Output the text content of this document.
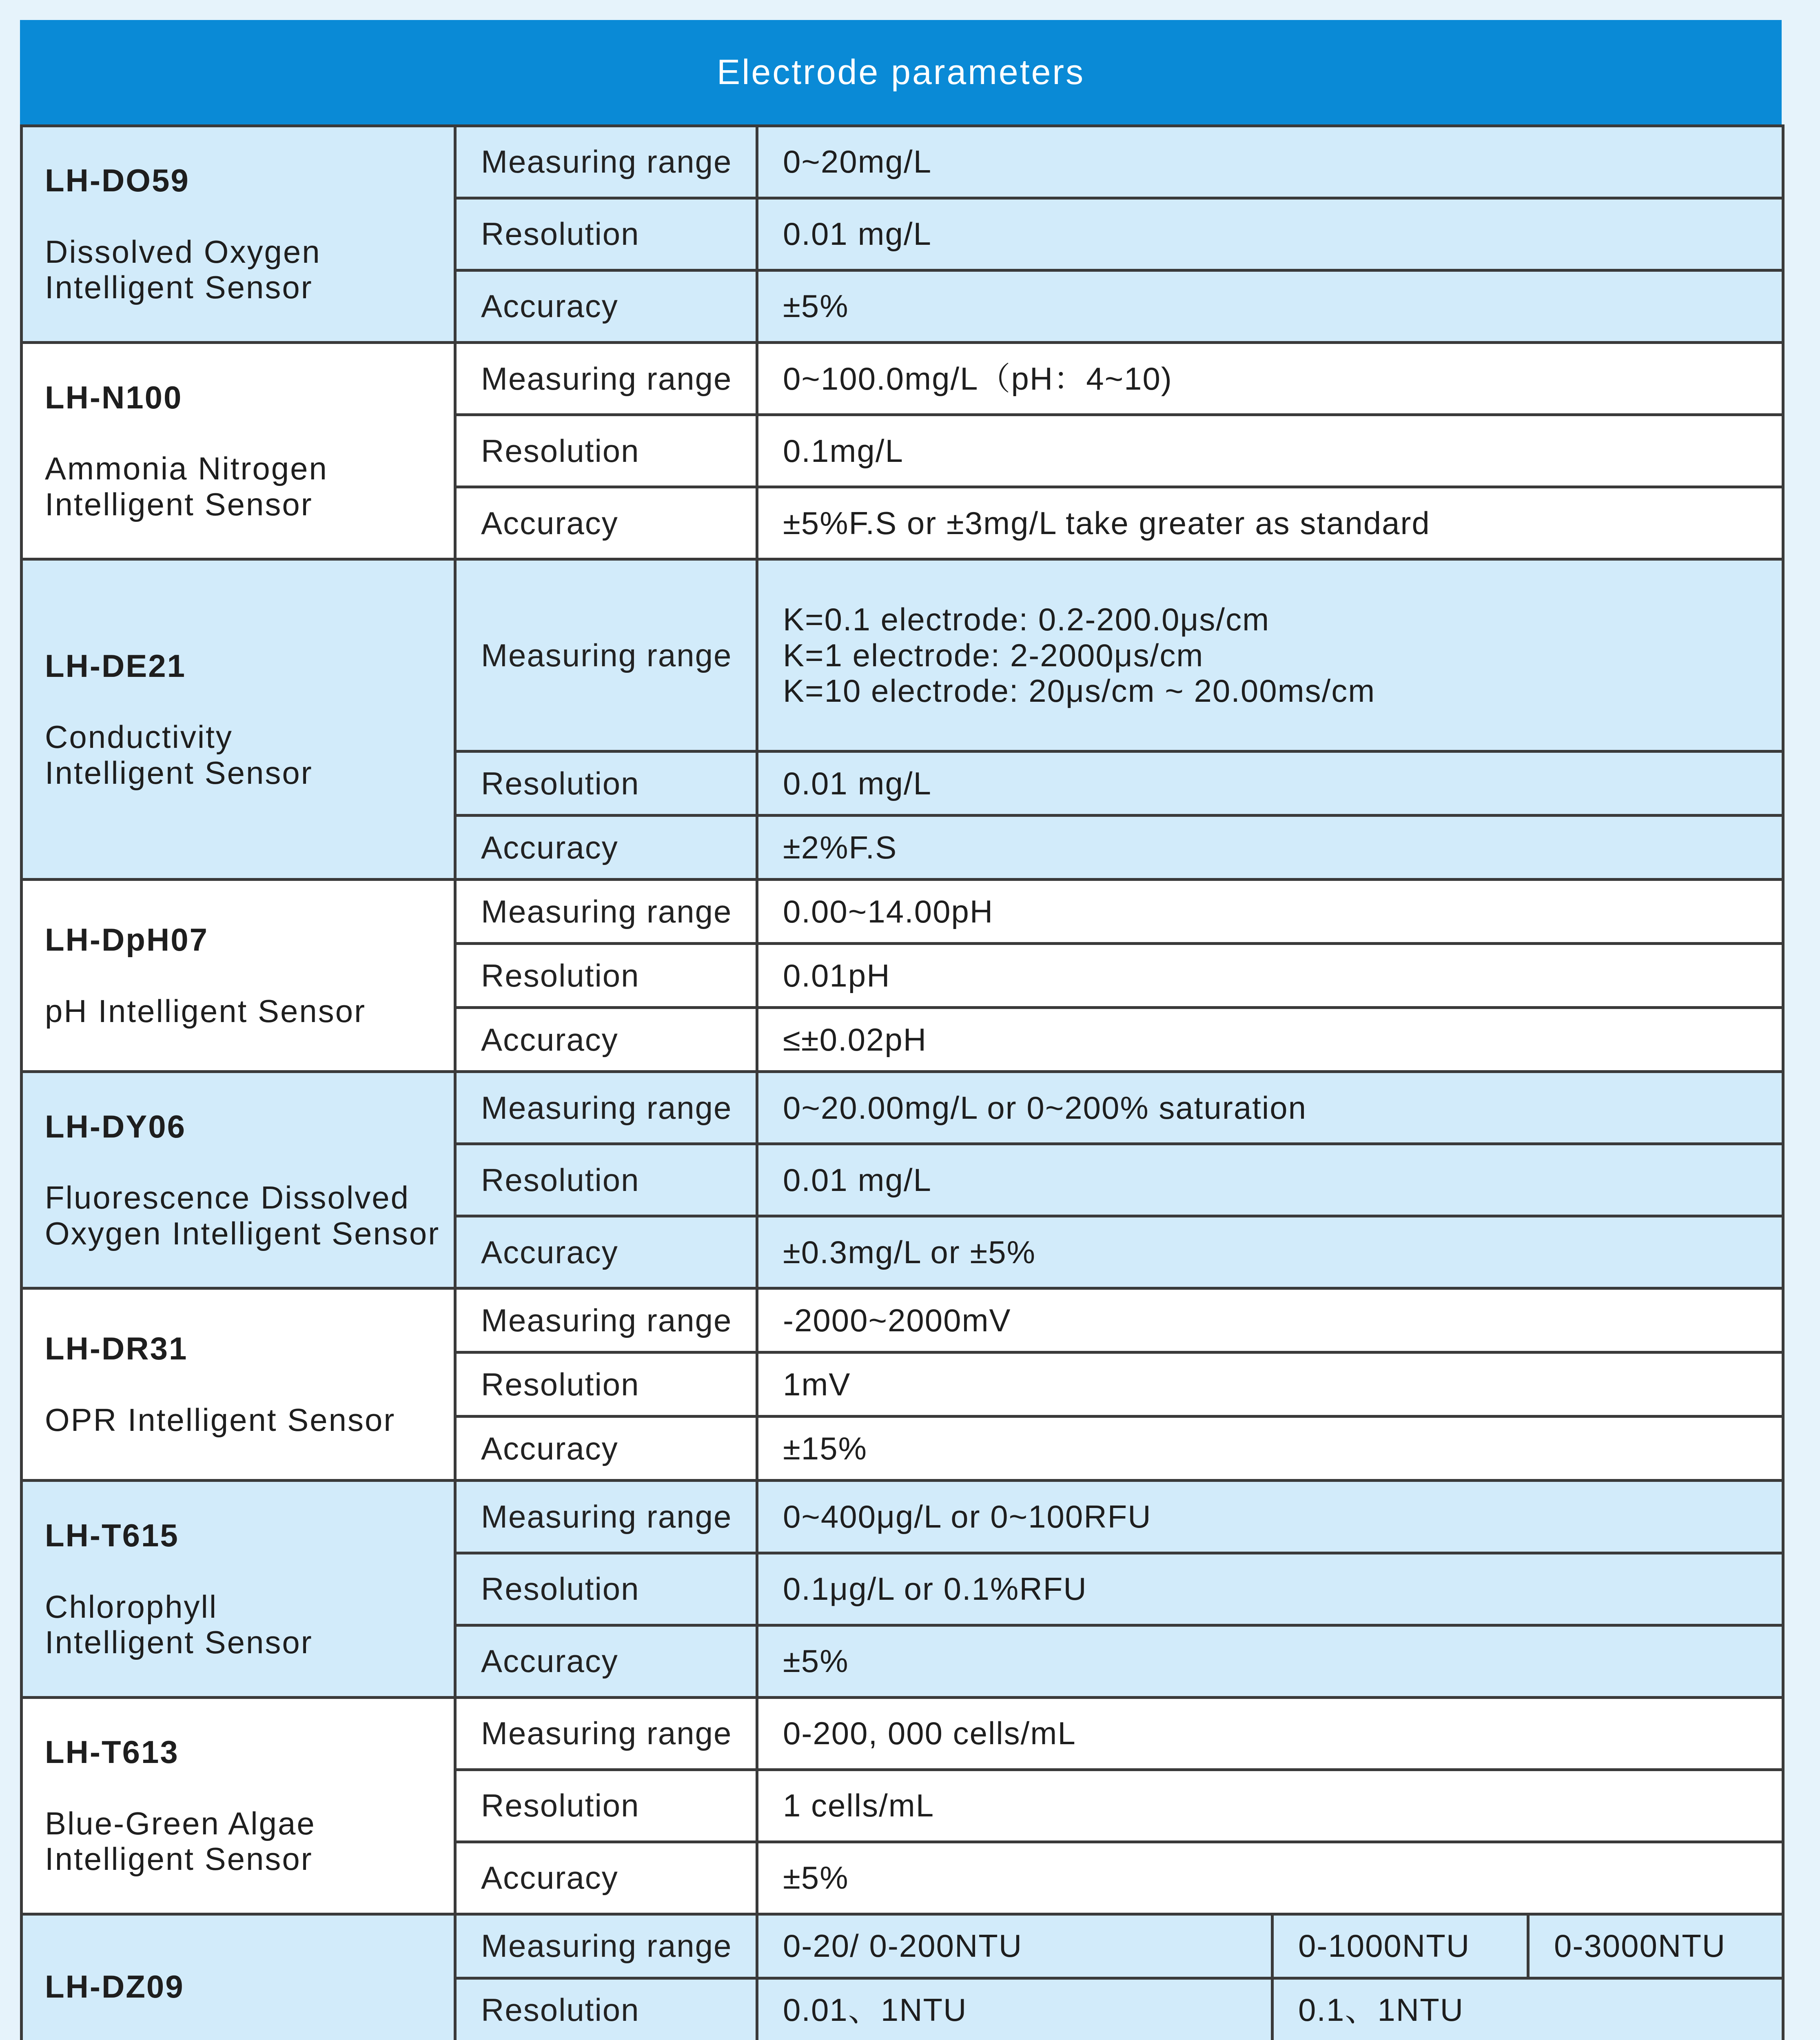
Electrode parameters

LH-DO59

Dissolved Oxygen
Intelligent Sensor	Measuring range	0~20mg/L		
	Resolution	0.01 mg/L		
	Accuracy	±5%		

LH-N100

Ammonia Nitrogen
Intelligent Sensor	Measuring range	0~100.0mg/L（pH：4~10)		
	Resolution	0.1mg/L		
	Accuracy	±5%F.S or ±3mg/L take greater as standard		

LH-DE21

Conductivity
Intelligent Sensor	Measuring range	K=0.1 electrode: 0.2-200.0μs/cm
K=1 electrode: 2-2000μs/cm
K=10 electrode: 20μs/cm ~ 20.00ms/cm		
	Resolution	0.01 mg/L		
	Accuracy	±2%F.S		

LH-DpH07

pH Intelligent Sensor	Measuring range	0.00~14.00pH		
	Resolution	0.01pH		
	Accuracy	≤±0.02pH		

LH-DY06

Fluorescence Dissolved
Oxygen Intelligent Sensor	Measuring range	0~20.00mg/L or 0~200% saturation		
	Resolution	0.01 mg/L		
	Accuracy	±0.3mg/L or ±5%		

LH-DR31

OPR Intelligent Sensor	Measuring range	-2000~2000mV		
	Resolution	1mV		
	Accuracy	±15%		

LH-T615

Chlorophyll
Intelligent Sensor	Measuring range	0~400μg/L or 0~100RFU		
	Resolution	0.1μg/L or 0.1%RFU		
	Accuracy	±5%		

LH-T613

Blue-Green Algae
Intelligent Sensor	Measuring range	0-200, 000 cells/mL		
	Resolution	1 cells/mL		
	Accuracy	±5%		

LH-DZ09	Measuring range	0-20/ 0-200NTU	0-1000NTU	0-3000NTU
	Resolution	0.01、1NTU	0.1、1NTU	
